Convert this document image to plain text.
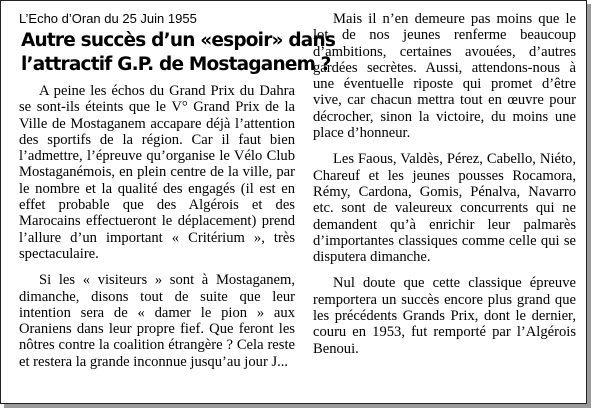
L’Echo d’Oran du 25 Juin 1955
Autre succès d’un «espoir» dans
l’attractif G.P. de Mostaganem ?

A peine les échos du Grand Prix du Dahra se sont-ils éteints que le V° Grand Prix de la Ville de Mostaganem accapare déjà l’attention des sportifs de la région. Car il faut bien l’admettre, l’épreuve qu’organise le Vélo Club Mostaganémois, en plein centre de la ville, par le nombre et la qualité des engagés (il est en effet probable que des Algérois et des Marocains effectueront le déplacement) prend l’allure d’un important « Critérium », très spectaculaire.

Si les « visiteurs » sont à Mostaganem, dimanche, disons tout de suite que leur intention sera de « damer le pion » aux Oraniens dans leur propre fief. Que feront les nôtres contre la coalition étrangère ? Cela reste et restera la grande inconnue jusqu’au jour J...

Mais il n’en demeure pas moins que le lot de nos jeunes renferme beaucoup d’ambitions, certaines avouées, d’autres gardées secrètes. Aussi, attendons-nous à une éventuelle riposte qui promet d’être vive, car chacun mettra tout en œuvre pour décrocher, sinon la victoire, du moins une place d’honneur.

Les Faous, Valdès, Pérez, Cabello, Niéto, Chareuf et les jeunes pousses Rocamora, Rémy, Cardona, Gomis, Pénalva, Navarro etc. sont de valeureux concurrents qui ne demandent qu’à enrichir leur palmarès d’importantes classiques comme celle qui se disputera dimanche.

Nul doute que cette classique épreuve remportera un succès encore plus grand que les précédents Grands Prix, dont le dernier, couru en 1953, fut remporté par l’Algérois Benoui.
